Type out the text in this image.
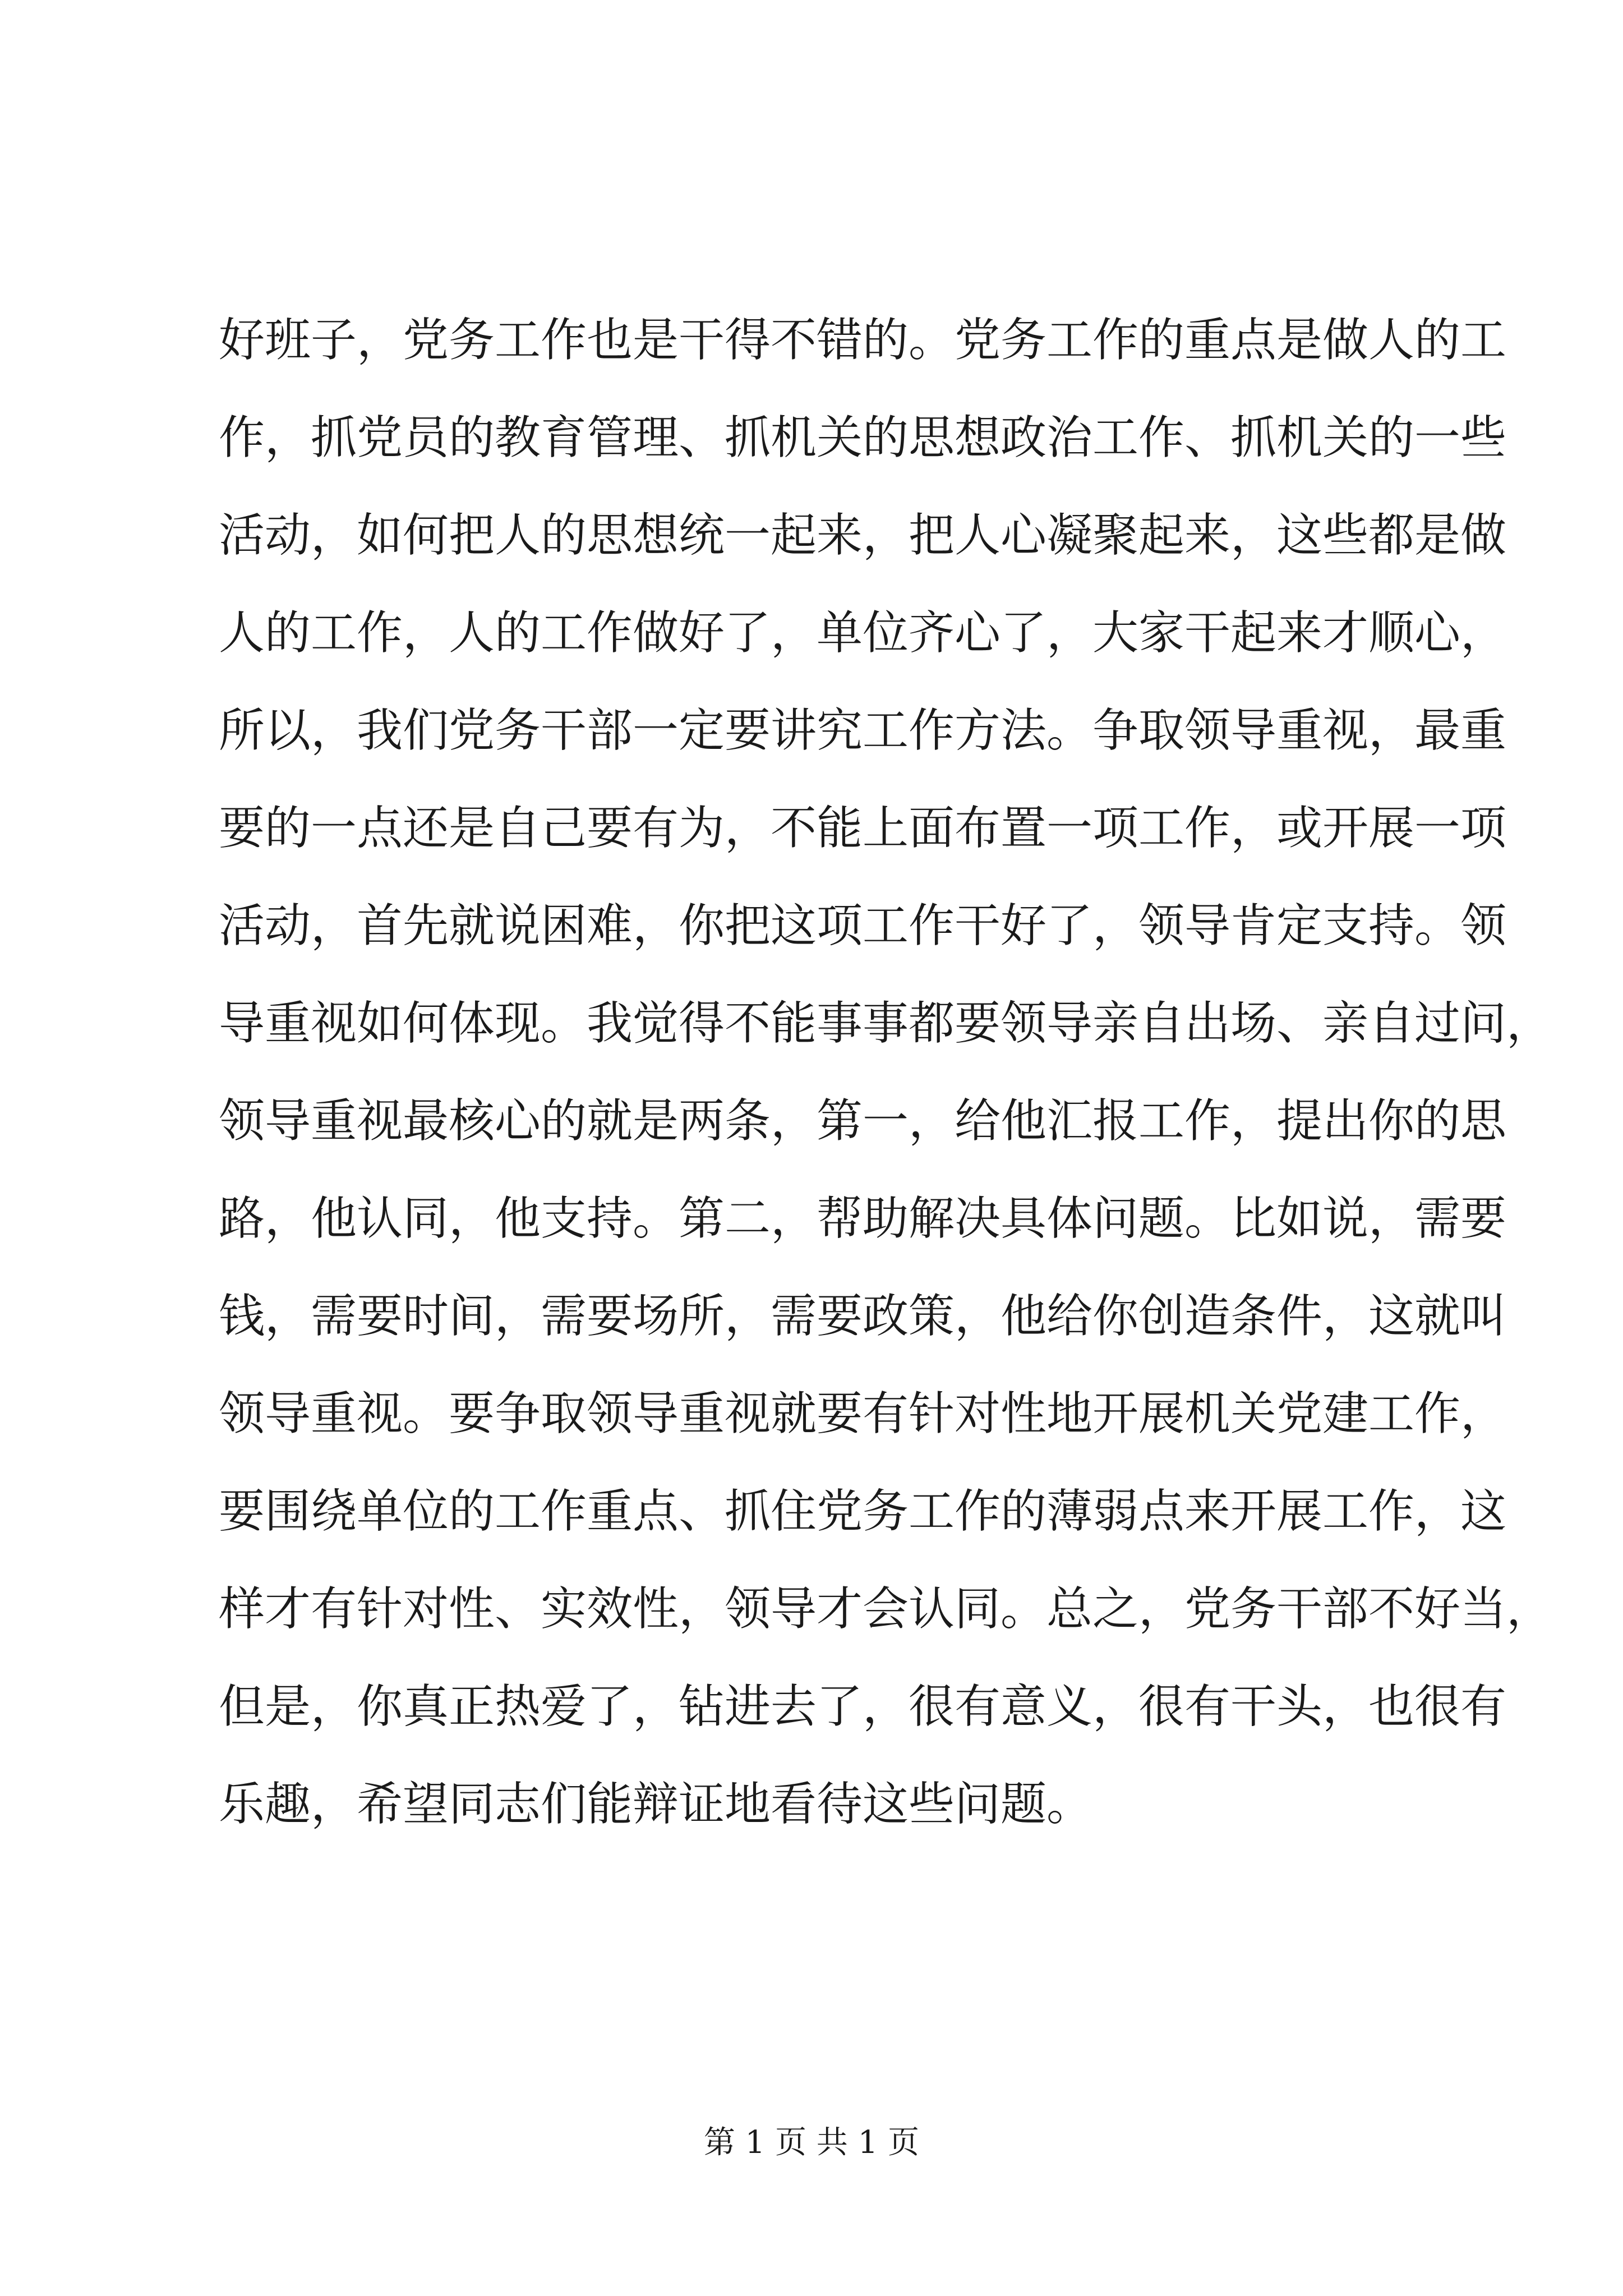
好班子，党务工作也是干得不错的。党务工作的重点是做人的工
作，抓党员的教育管理、抓机关的思想政治工作、抓机关的一些
活动，如何把人的思想统一起来，把人心凝聚起来，这些都是做
人的工作，人的工作做好了，单位齐心了，大家干起来才顺心，
所以，我们党务干部一定要讲究工作方法。争取领导重视，最重
要的一点还是自己要有为，不能上面布置一项工作，或开展一项
活动，首先就说困难，你把这项工作干好了，领导肯定支持。领
导重视如何体现。我觉得不能事事都要领导亲自出场、亲自过问，
领导重视最核心的就是两条，第一，给他汇报工作，提出你的思
路，他认同，他支持。第二，帮助解决具体问题。比如说，需要
钱，需要时间，需要场所，需要政策，他给你创造条件，这就叫
领导重视。要争取领导重视就要有针对性地开展机关党建工作，
要围绕单位的工作重点、抓住党务工作的薄弱点来开展工作，这
样才有针对性、实效性，领导才会认同。总之，党务干部不好当，
但是，你真正热爱了，钻进去了，很有意义，很有干头，也很有
乐趣，希望同志们能辩证地看待这些问题。
第 1 页 共 1 页
